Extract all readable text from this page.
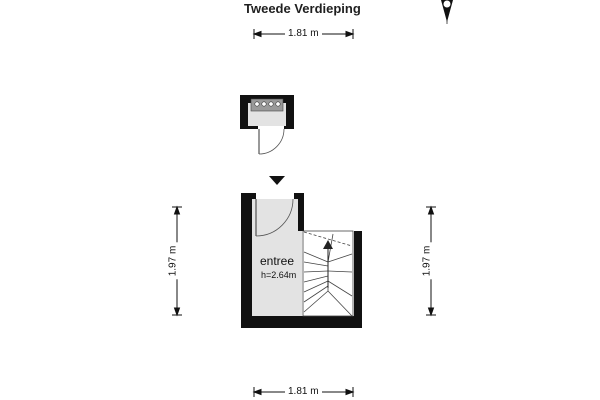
Tweede Verdieping
1.81 m
1.81 m
1.97 m	1.97 m
entree
h=2.64m
